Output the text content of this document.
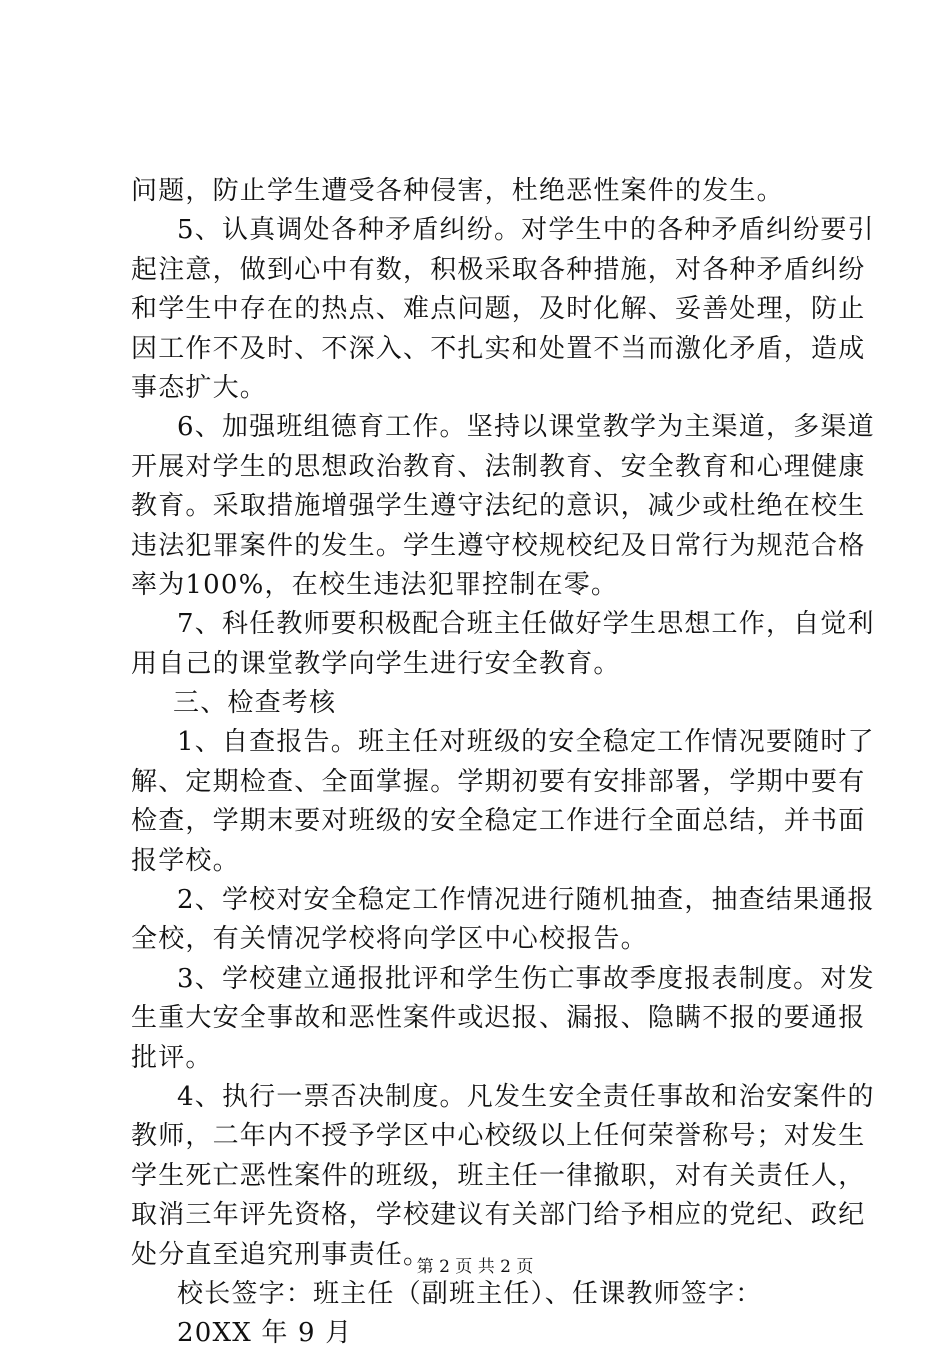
问题，防止学生遭受各种侵害，杜绝恶性案件的发生。
5、认真调处各种矛盾纠纷。对学生中的各种矛盾纠纷要引
起注意，做到心中有数，积极采取各种措施，对各种矛盾纠纷
和学生中存在的热点、难点问题，及时化解、妥善处理，防止
因工作不及时、不深入、不扎实和处置不当而激化矛盾，造成
事态扩大。
6、加强班组德育工作。坚持以课堂教学为主渠道，多渠道
开展对学生的思想政治教育、法制教育、安全教育和心理健康
教育。采取措施增强学生遵守法纪的意识，减少或杜绝在校生
违法犯罪案件的发生。学生遵守校规校纪及日常行为规范合格
率为100%，在校生违法犯罪控制在零。
7、科任教师要积极配合班主任做好学生思想工作，自觉利
用自己的课堂教学向学生进行安全教育。
三、检查考核
1、自查报告。班主任对班级的安全稳定工作情况要随时了
解、定期检查、全面掌握。学期初要有安排部署，学期中要有
检查，学期末要对班级的安全稳定工作进行全面总结，并书面
报学校。
2、学校对安全稳定工作情况进行随机抽查，抽查结果通报
全校，有关情况学校将向学区中心校报告。
3、学校建立通报批评和学生伤亡事故季度报表制度。对发
生重大安全事故和恶性案件或迟报、漏报、隐瞒不报的要通报
批评。
4、执行一票否决制度。凡发生安全责任事故和治安案件的
教师，二年内不授予学区中心校级以上任何荣誉称号；对发生
学生死亡恶性案件的班级，班主任一律撤职，对有关责任人，
取消三年评先资格，学校建议有关部门给予相应的党纪、政纪
处分直至追究刑事责任。
校长签字：班主任（副班主任）、任课教师签字：
20XX 年 9 月
第 2 页 共 2 页
